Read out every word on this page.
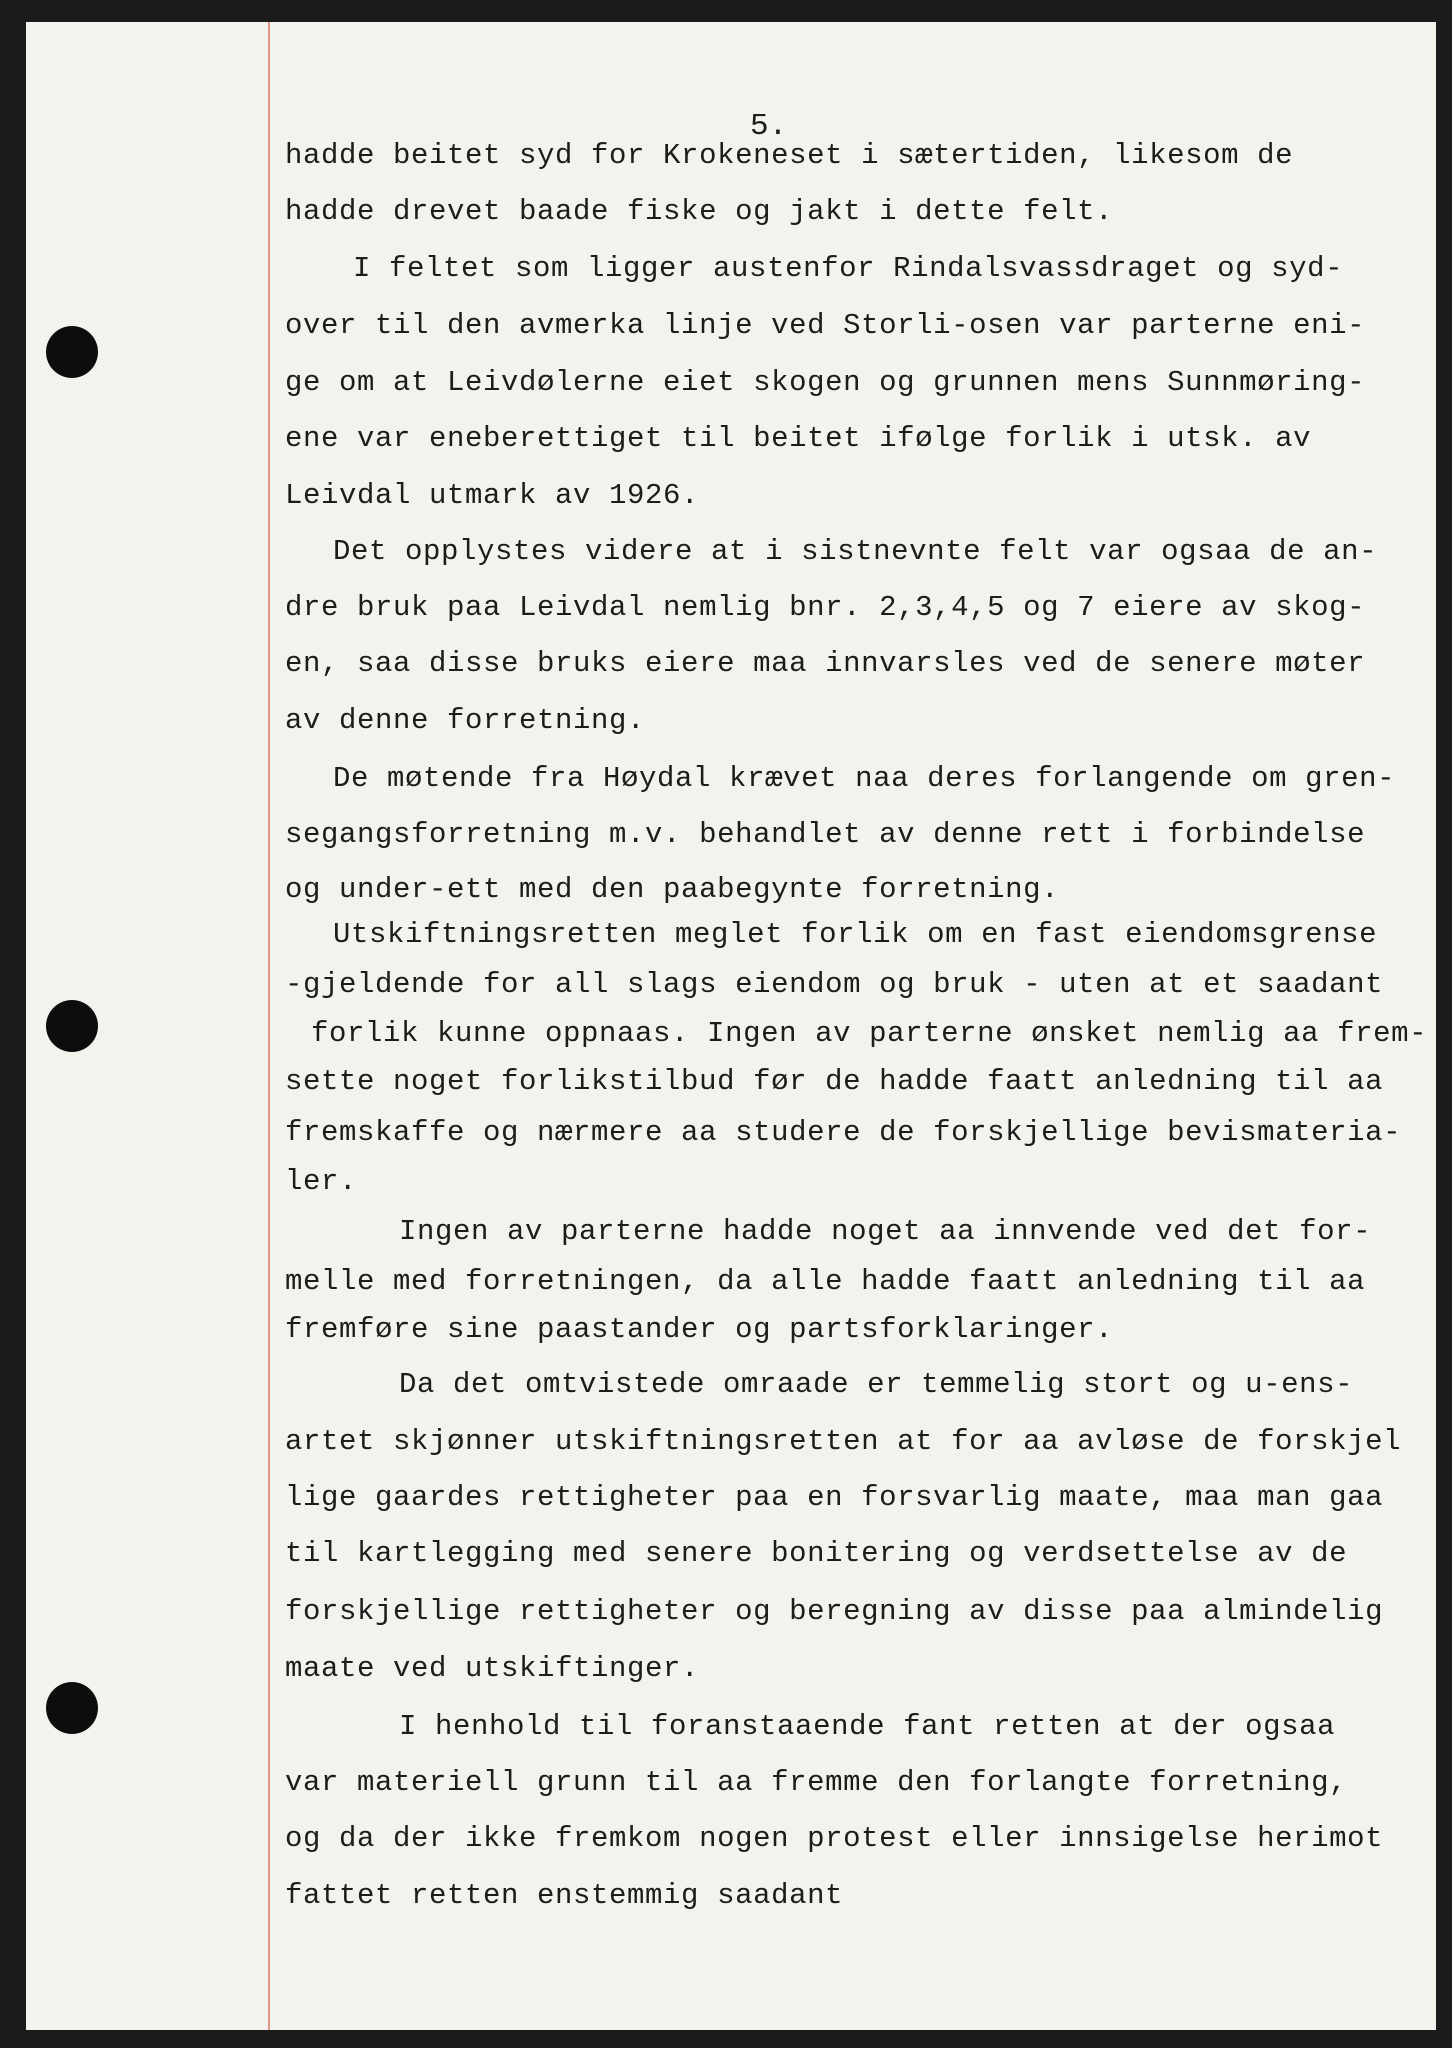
5.
hadde beitet syd for Krokeneset i sætertiden, likesom de
hadde drevet baade fiske og jakt i dette felt.
I feltet som ligger austenfor Rindalsvassdraget og syd-
over til den avmerka linje ved Storli-osen var parterne eni-
ge om at Leivdølerne eiet skogen og grunnen mens Sunnmøring-
ene var eneberettiget til beitet ifølge forlik i utsk. av
Leivdal utmark av 1926.
Det opplystes videre at i sistnevnte felt var ogsaa de an-
dre bruk paa Leivdal nemlig bnr. 2,3,4,5 og 7 eiere av skog-
en, saa disse bruks eiere maa innvarsles ved de senere møter
av denne forretning.
De møtende fra Høydal krævet naa deres forlangende om gren-
segangsforretning m.v. behandlet av denne rett i forbindelse
og under-ett med den paabegynte forretning.
Utskiftningsretten meglet forlik om en fast eiendomsgrense
-gjeldende for all slags eiendom og bruk - uten at et saadant
forlik kunne oppnaas. Ingen av parterne ønsket nemlig aa frem-
sette noget forlikstilbud før de hadde faatt anledning til aa
fremskaffe og nærmere aa studere de forskjellige bevismateria-
ler.
Ingen av parterne hadde noget aa innvende ved det for-
melle med forretningen, da alle hadde faatt anledning til aa
fremføre sine paastander og partsforklaringer.
Da det omtvistede omraade er temmelig stort og u-ens-
artet skjønner utskiftningsretten at for aa avløse de forskjel
lige gaardes rettigheter paa en forsvarlig maate, maa man gaa
til kartlegging med senere bonitering og verdsettelse av de
forskjellige rettigheter og beregning av disse paa almindelig
maate ved utskiftinger.
I henhold til foranstaaende fant retten at der ogsaa
var materiell grunn til aa fremme den forlangte forretning,
og da der ikke fremkom nogen protest eller innsigelse herimot
fattet retten enstemmig saadant
